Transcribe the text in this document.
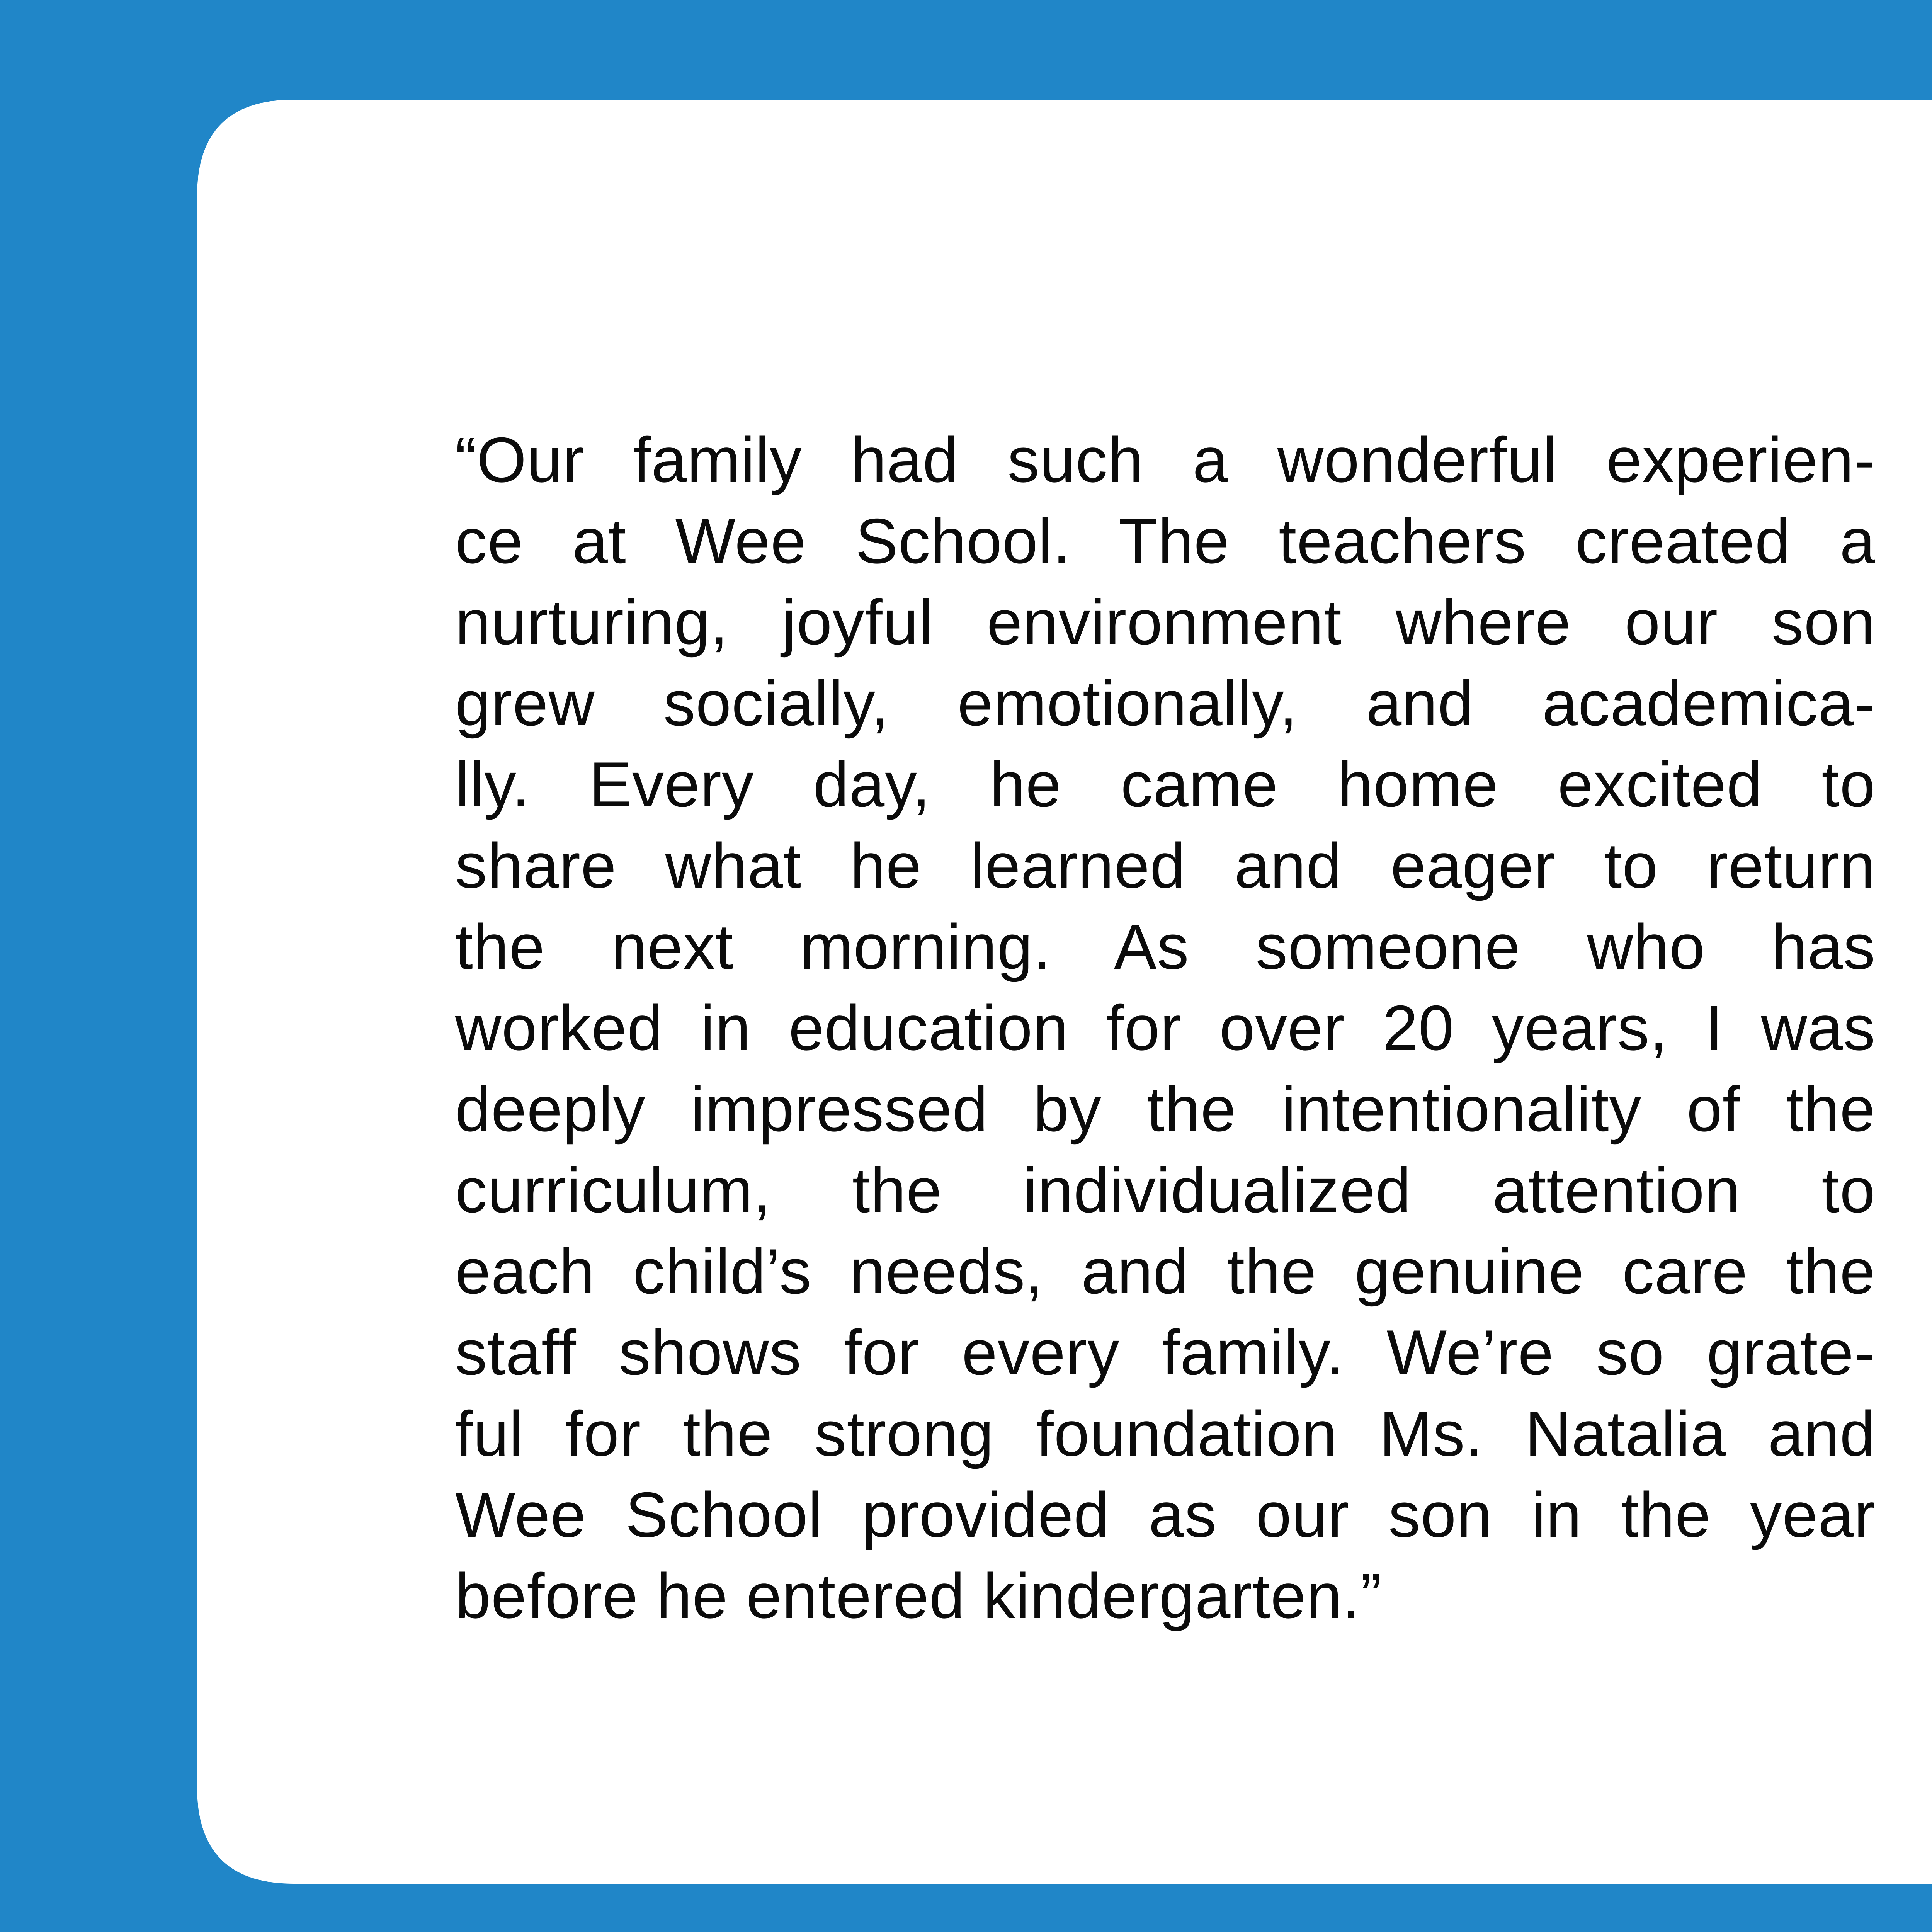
“Our family had such a wonderful experien-
ce at Wee School. The teachers created a
nurturing, joyful environment where our son
grew socially, emotionally, and academica-
lly. Every day, he came home excited to
share what he learned and eager to return
the next morning. As someone who has
worked in education for over 20 years, I was
deeply impressed by the intentionality of the
curriculum, the individualized attention to
each child’s needs, and the genuine care the
staff shows for every family. We’re so grate-
ful for the strong foundation Ms. Natalia and
Wee School provided as our son in the year
before he entered kindergarten.”
